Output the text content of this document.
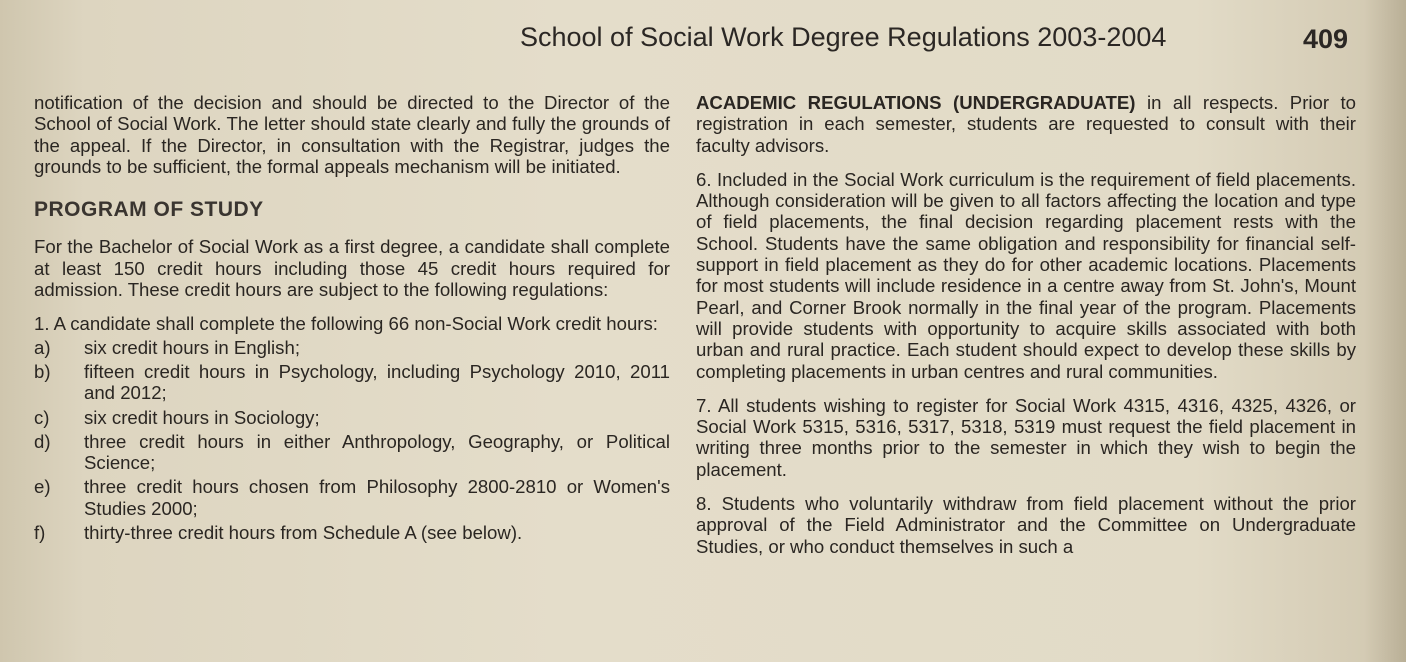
School of Social Work Degree Regulations 2003-2004	409

notification of the decision and should be directed to the Director of the School of Social Work. The letter should state clearly and fully the grounds of the appeal. If the Director, in consultation with the Registrar, judges the grounds to be sufficient, the formal appeals mechanism will be initiated.

PROGRAM OF STUDY

For the Bachelor of Social Work as a first degree, a candidate shall complete at least 150 credit hours including those 45 credit hours required for admission. These credit hours are subject to the following regulations:

1. A candidate shall complete the following 66 non-Social Work credit hours:

a) six credit hours in English;
b) fifteen credit hours in Psychology, including Psychology 2010, 2011 and 2012;
c) six credit hours in Sociology;
d) three credit hours in either Anthropology, Geography, or Political Science;
e) three credit hours chosen from Philosophy 2800-2810 or Women's Studies 2000;
f) thirty-three credit hours from Schedule A (see below).

ACADEMIC REGULATIONS (UNDERGRADUATE) in all respects. Prior to registration in each semester, students are requested to consult with their faculty advisors.

6. Included in the Social Work curriculum is the requirement of field placements. Although consideration will be given to all factors affecting the location and type of field placements, the final decision regarding placement rests with the School. Students have the same obligation and responsibility for financial self-support in field placement as they do for other academic locations. Placements for most students will include residence in a centre away from St. John's, Mount Pearl, and Corner Brook normally in the final year of the program. Placements will provide students with opportunity to acquire skills associated with both urban and rural practice. Each student should expect to develop these skills by completing placements in urban centres and rural communities.

7. All students wishing to register for Social Work 4315, 4316, 4325, 4326, or Social Work 5315, 5316, 5317, 5318, 5319 must request the field placement in writing three months prior to the semester in which they wish to begin the placement.

8. Students who voluntarily withdraw from field placement without the prior approval of the Field Administrator and the Committee on Undergraduate Studies, or who conduct themselves in such a
